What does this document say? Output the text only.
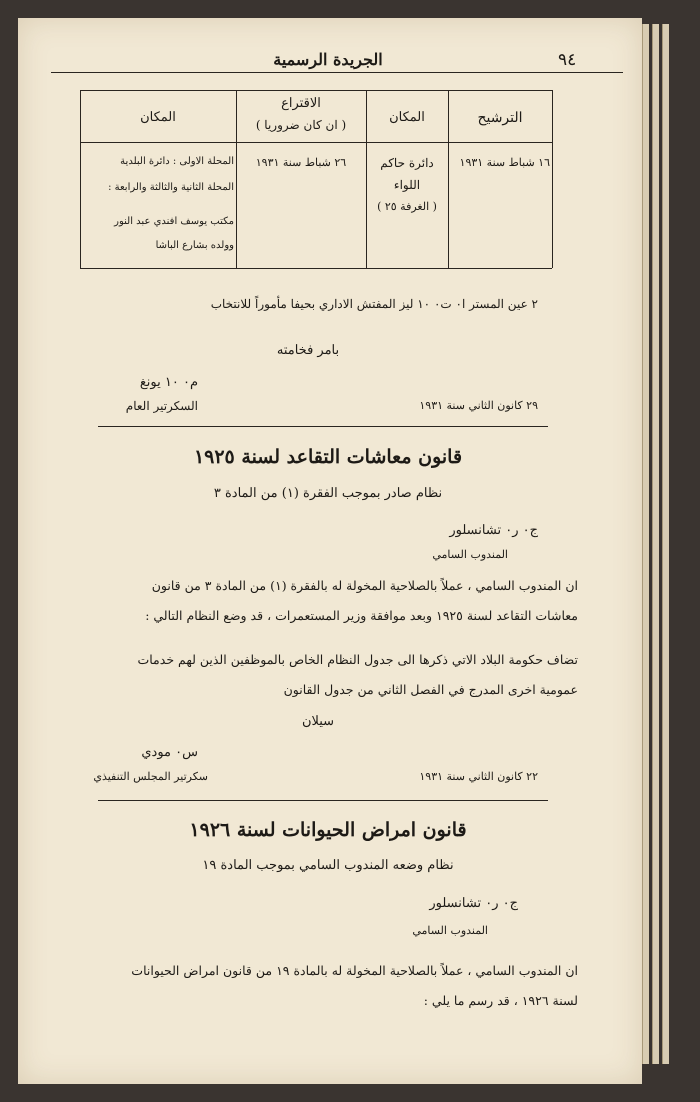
٩٤
الجريدة الرسمية
الترشيح
المكان
الاقتراع
( ان كان ضروريا )
المكان
١٦ شباط سنة ١٩٣١
دائرة حاكم
اللواء
( الغرفة ٢٥ )
٢٦ شباط سنة ١٩٣١
المحلة الاولى : دائرة البلدية
المحلة الثانية والثالثة والرابعة :
مكتب يوسف افندي عبد النور
وولده بشارع الباشا
٢ عين المستر ا٠ ت٠ ١٠ ليز المفتش الاداري بحيفا مأموراً للانتخاب
بامر فخامته
م٠ ١٠ يونغ
السكرتير العام	٢٩ كانون الثاني سنة ١٩٣١
قانون معاشات التقاعد لسنة ١٩٢٥
نظام صادر بموجب الفقرة (١) من المادة ٣
ج٠ ر٠ تشانسلور
المندوب السامي
ان المندوب السامي ، عملاً بالصلاحية المخولة له بالفقرة (١) من المادة ٣ من قانون
معاشات التقاعد لسنة ١٩٢٥ وبعد موافقة وزير المستعمرات ، قد وضع النظام التالي :
تضاف حكومة البلاد الاتي ذكرها الى جدول النظام الخاص بالموظفين الذين لهم خدمات
عمومية اخرى المدرج في الفصل الثاني من جدول القانون
سيلان
س٠ مودي
سكرتير المجلس التنفيذي	٢٢ كانون الثاني سنة ١٩٣١
قانون امراض الحيوانات لسنة ١٩٢٦
نظام وضعه المندوب السامي بموجب المادة ١٩
ج٠ ر٠ تشانسلور
المندوب السامي
ان المندوب السامي ، عملاً بالصلاحية المخولة له بالمادة ١٩ من قانون امراض الحيوانات
لسنة ١٩٢٦ ، قد رسم ما يلي :
